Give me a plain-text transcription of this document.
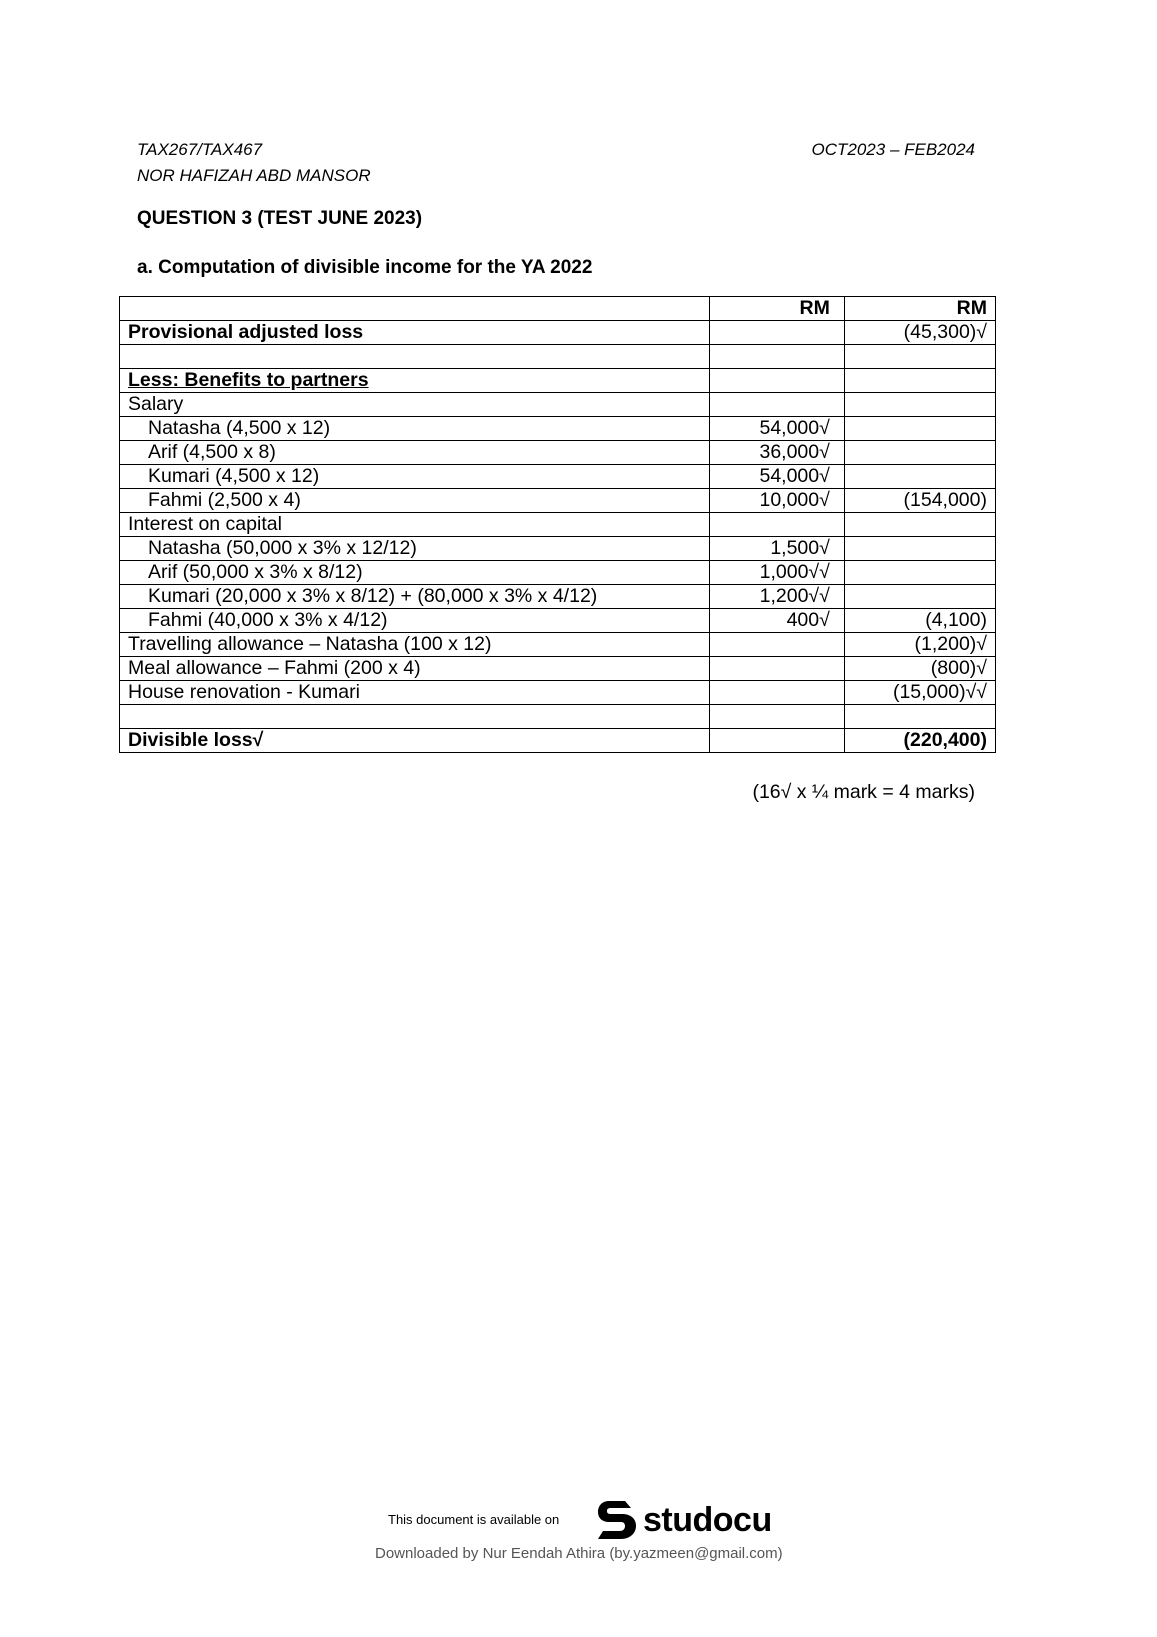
TAX267/TAX467
NOR HAFIZAH ABD MANSOR
OCT2023 – FEB2024
QUESTION 3 (TEST JUNE 2023)
a. Computation of divisible income for the YA 2022
	RM	RM
Provisional adjusted loss		(45,300)√

Less: Benefits to partners		
Salary		
Natasha (4,500 x 12)	54,000√	
Arif (4,500 x 8)	36,000√	
Kumari (4,500 x 12)	54,000√	
Fahmi (2,500 x 4)	10,000√	(154,000)
Interest on capital		
Natasha (50,000 x 3% x 12/12)	1,500√	
Arif (50,000 x 3% x 8/12)	1,000√√	
Kumari (20,000 x 3% x 8/12) + (80,000 x 3% x 4/12)	1,200√√	
Fahmi (40,000 x 3% x 4/12)	400√	(4,100)
Travelling allowance – Natasha (100 x 12)		(1,200)√
Meal allowance – Fahmi (200 x 4)		(800)√
House renovation - Kumari		(15,000)√√

Divisible loss√		(220,400)
(16√ x ¼ mark = 4 marks)
This document is available on studocu
Downloaded by Nur Eendah Athira (by.yazmeen@gmail.com)
